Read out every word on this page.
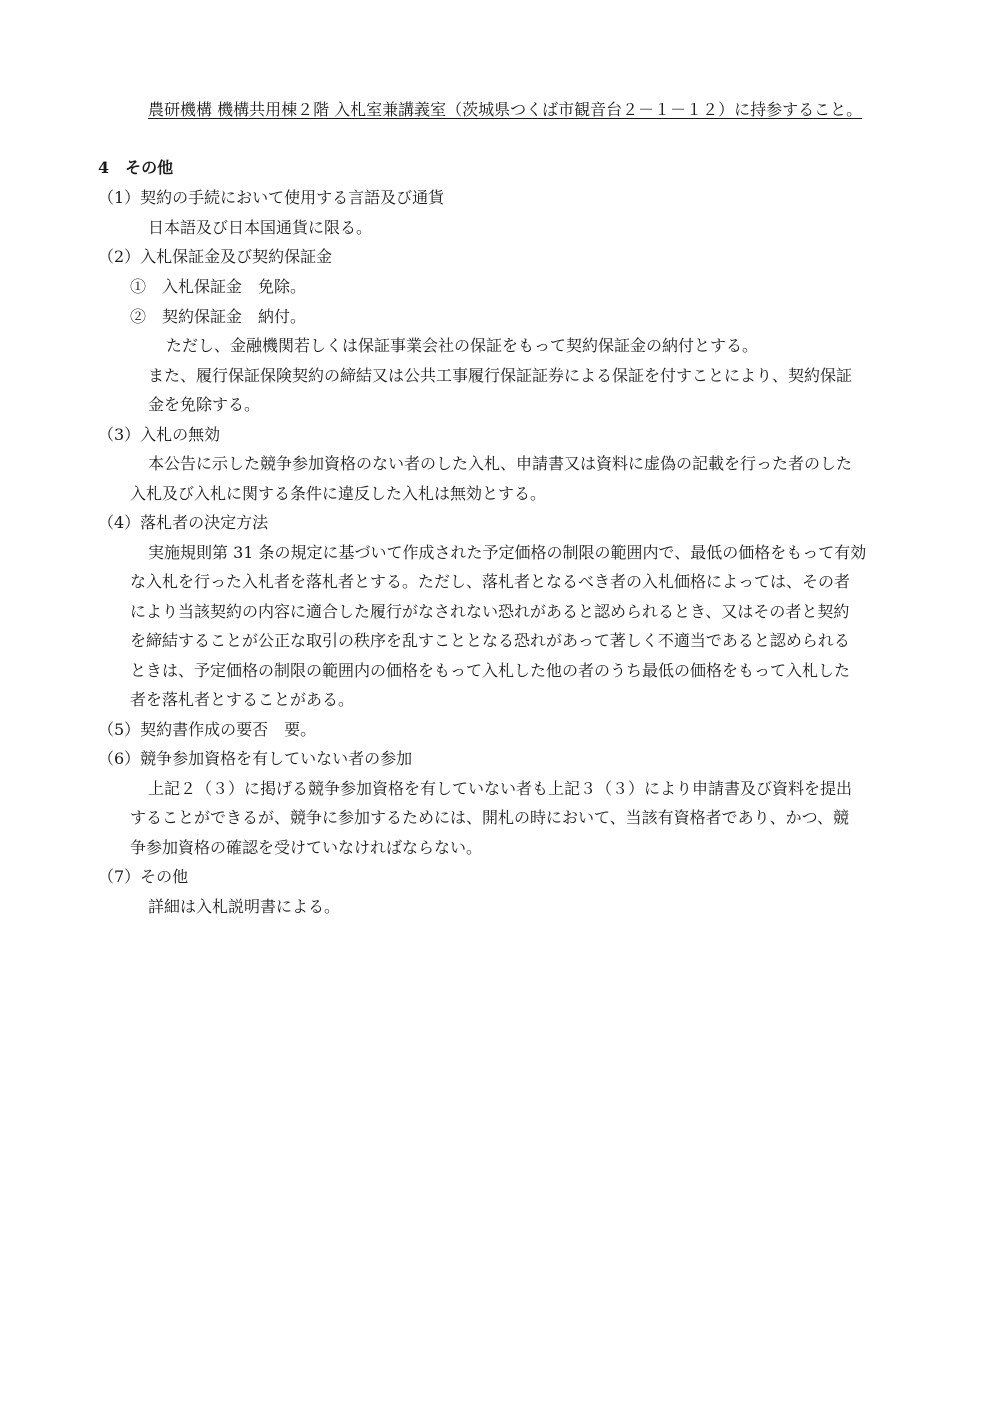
農研機構 機構共用棟２階 入札室兼講義室（茨城県つくば市観音台２－１－１２）に持参すること。
4　その他
（1）契約の手続において使用する言語及び通貨
日本語及び日本国通貨に限る。
（2）入札保証金及び契約保証金
①　入札保証金　免除。
②　契約保証金　納付。
ただし、金融機関若しくは保証事業会社の保証をもって契約保証金の納付とする。
また、履行保証保険契約の締結又は公共工事履行保証証券による保証を付すことにより、契約保証
金を免除する。
（3）入札の無効
本公告に示した競争参加資格のない者のした入札、申請書又は資料に虚偽の記載を行った者のした
入札及び入札に関する条件に違反した入札は無効とする。
（4）落札者の決定方法
実施規則第 31 条の規定に基づいて作成された予定価格の制限の範囲内で、最低の価格をもって有効
な入札を行った入札者を落札者とする。ただし、落札者となるべき者の入札価格によっては、その者
により当該契約の内容に適合した履行がなされない恐れがあると認められるとき、又はその者と契約
を締結することが公正な取引の秩序を乱すこととなる恐れがあって著しく不適当であると認められる
ときは、予定価格の制限の範囲内の価格をもって入札した他の者のうち最低の価格をもって入札した
者を落札者とすることがある。
（5）契約書作成の要否　要。
（6）競争参加資格を有していない者の参加
上記２（３）に掲げる競争参加資格を有していない者も上記３（３）により申請書及び資料を提出
することができるが、競争に参加するためには、開札の時において、当該有資格者であり、かつ、競
争参加資格の確認を受けていなければならない。
（7）その他
詳細は入札説明書による。
